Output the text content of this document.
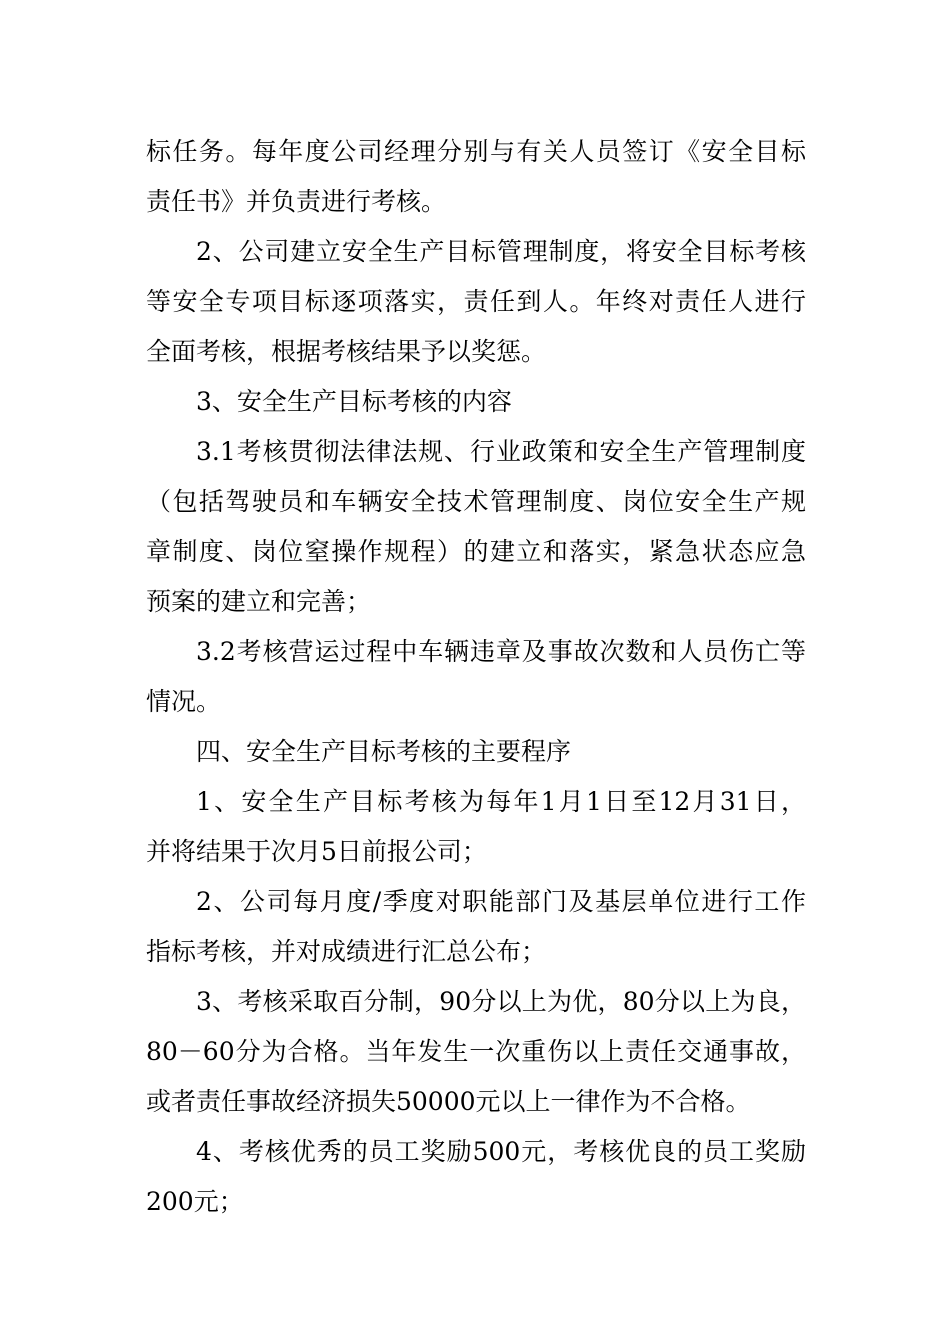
标任务。每年度公司经理分别与有关人员签订《安全目标
责任书》并负责进行考核。
2、公司建立安全生产目标管理制度，将安全目标考核
等安全专项目标逐项落实，责任到人。年终对责任人进行
全面考核，根据考核结果予以奖惩。
3、安全生产目标考核的内容
3.1考核贯彻法律法规、行业政策和安全生产管理制度
（包括驾驶员和车辆安全技术管理制度、岗位安全生产规
章制度、岗位窒操作规程）的建立和落实，紧急状态应急
预案的建立和完善；
3.2考核营运过程中车辆违章及事故次数和人员伤亡等
情况。
四、安全生产目标考核的主要程序
1、安全生产目标考核为每年1月1日至12月31日，
并将结果于次月5日前报公司；
2、公司每月度/季度对职能部门及基层单位进行工作
指标考核，并对成绩进行汇总公布；
3、考核采取百分制，90分以上为优，80分以上为良，
80－60分为合格。当年发生一次重伤以上责任交通事故，
或者责任事故经济损失50000元以上一律作为不合格。
4、考核优秀的员工奖励500元，考核优良的员工奖励
200元；
